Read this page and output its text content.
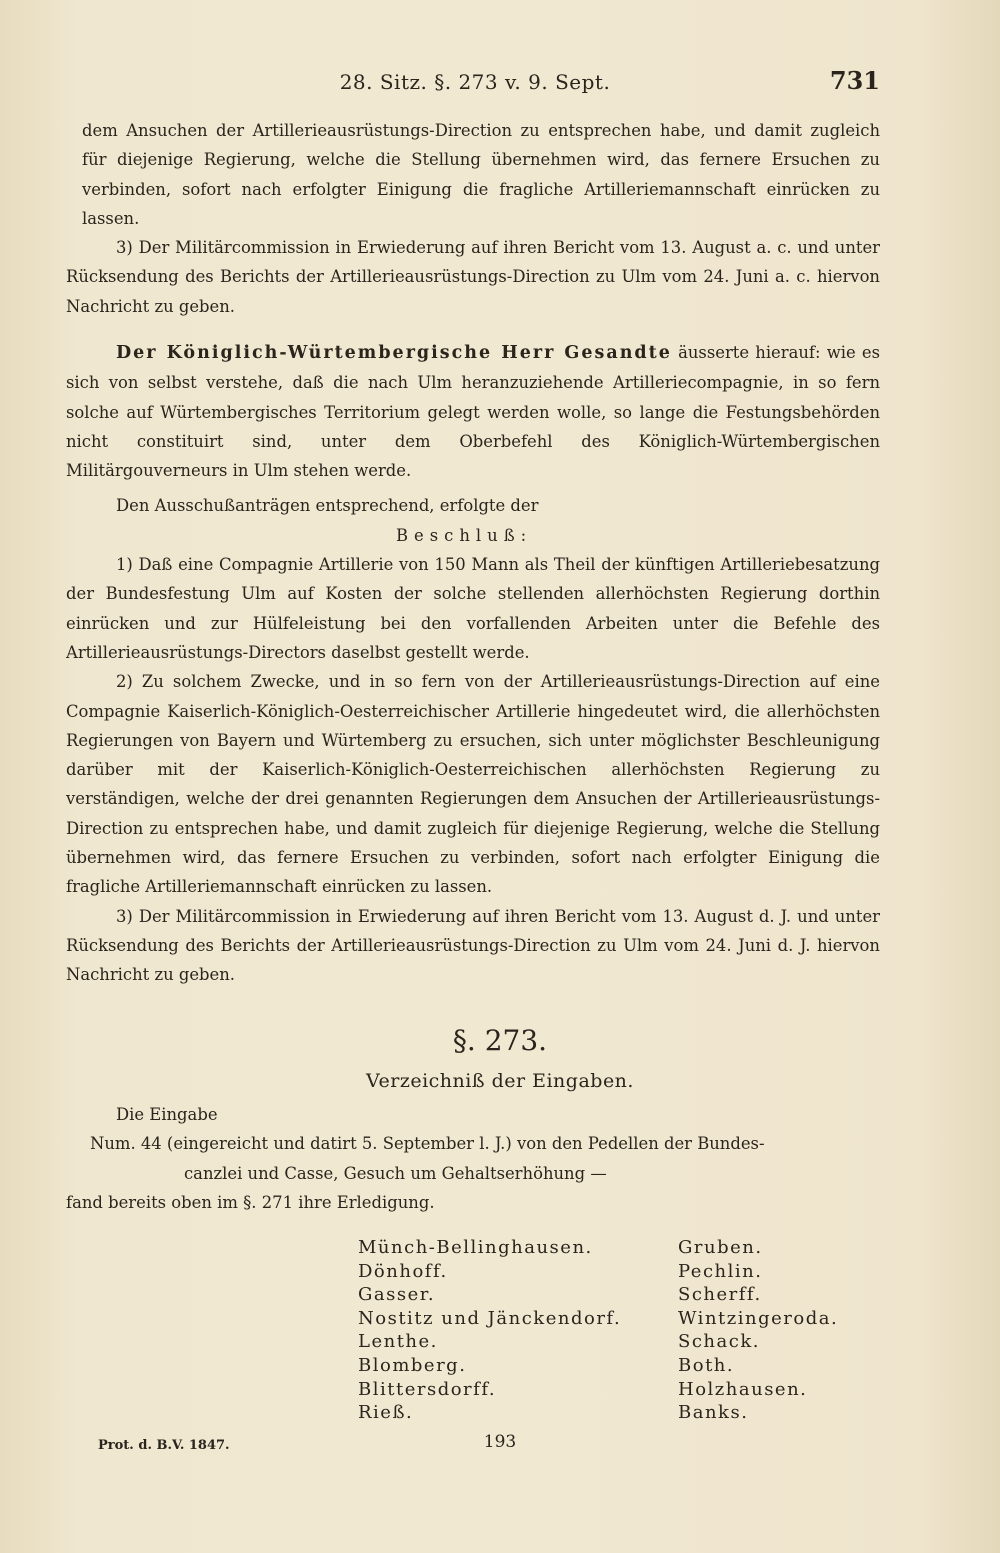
28. Sitz. §. 273 v. 9. Sept.	731

dem Ansuchen der Artillerieausrüstungs-Direction zu entsprechen habe, und damit zugleich für diejenige Regierung, welche die Stellung übernehmen wird, das fernere Ersuchen zu verbinden, sofort nach erfolgter Einigung die fragliche Artilleriemannschaft einrücken zu lassen.

3) Der Militärcommission in Erwiederung auf ihren Bericht vom 13. August a. c. und unter Rücksendung des Berichts der Artillerieausrüstungs-Direction zu Ulm vom 24. Juni a. c. hiervon Nachricht zu geben.

Der Königlich-Würtembergische Herr Gesandte äusserte hierauf: wie es sich von selbst verstehe, daß die nach Ulm heranzuziehende Artilleriecompagnie, in so fern solche auf Würtembergisches Territorium gelegt werden wolle, so lange die Festungsbehörden nicht constituirt sind, unter dem Oberbefehl des Königlich-Würtembergischen Militärgouverneurs in Ulm stehen werde.

Den Ausschußanträgen entsprechend, erfolgte der

Beschluß:

1) Daß eine Compagnie Artillerie von 150 Mann als Theil der künftigen Artilleriebesatzung der Bundesfestung Ulm auf Kosten der solche stellenden allerhöchsten Regierung dorthin einrücken und zur Hülfeleistung bei den vorfallenden Arbeiten unter die Befehle des Artillerieausrüstungs-Directors daselbst gestellt werde.

2) Zu solchem Zwecke, und in so fern von der Artillerieausrüstungs-Direction auf eine Compagnie Kaiserlich-Königlich-Oesterreichischer Artillerie hingedeutet wird, die allerhöchsten Regierungen von Bayern und Würtemberg zu ersuchen, sich unter möglichster Beschleunigung darüber mit der Kaiserlich-Königlich-Oesterreichischen allerhöchsten Regierung zu verständigen, welche der drei genannten Regierungen dem Ansuchen der Artillerieausrüstungs-Direction zu entsprechen habe, und damit zugleich für diejenige Regierung, welche die Stellung übernehmen wird, das fernere Ersuchen zu verbinden, sofort nach erfolgter Einigung die fragliche Artilleriemannschaft einrücken zu lassen.

3) Der Militärcommission in Erwiederung auf ihren Bericht vom 13. August d. J. und unter Rücksendung des Berichts der Artillerieausrüstungs-Direction zu Ulm vom 24. Juni d. J. hiervon Nachricht zu geben.

§. 273.
Verzeichniß der Eingaben.

Die Eingabe

Num. 44 (eingereicht und datirt 5. September l. J.) von den Pedellen der Bundes-

canzlei und Casse, Gesuch um Gehaltserhöhung —

fand bereits oben im §. 271 ihre Erledigung.

Münch-Bellinghausen.	Gruben.
Dönhoff.	Pechlin.
Gasser.	Scherff.
Nostitz und Jänckendorf.	Wintzingeroda.
Lenthe.	Schack.
Blomberg.	Both.
Blittersdorff.	Holzhausen.
Rieß.	Banks.
Prot. d. B.V. 1847.	193
